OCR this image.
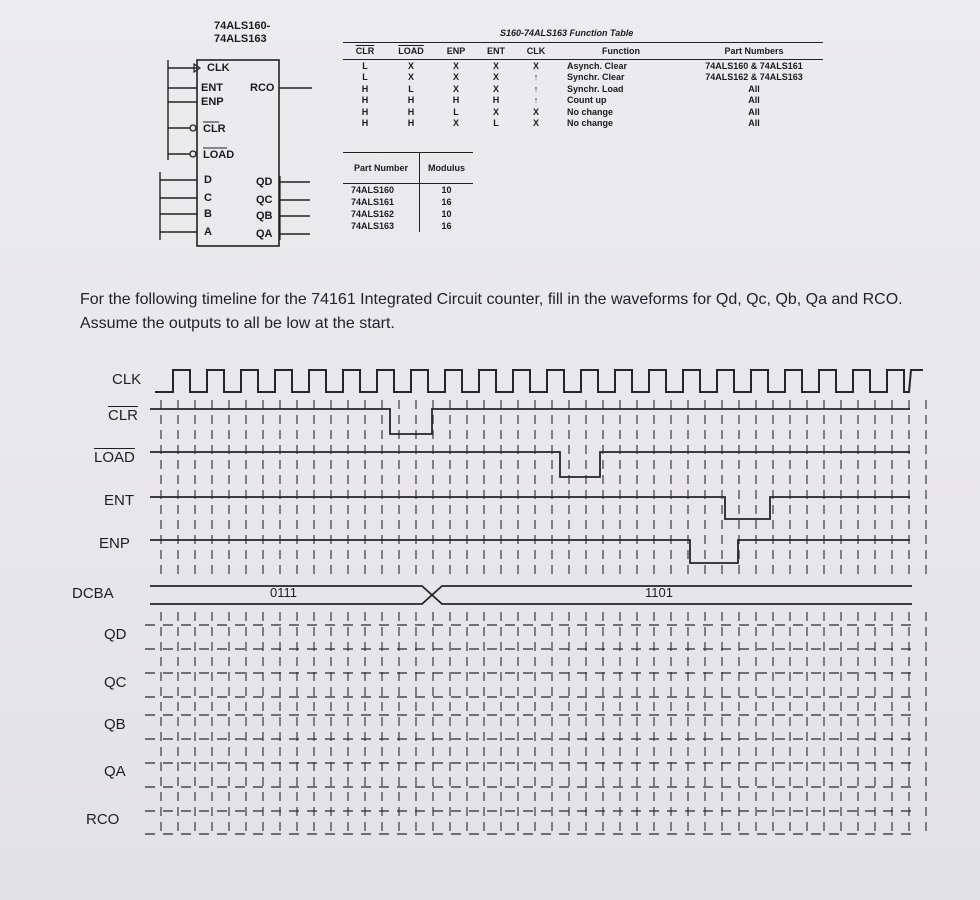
74ALS160-
74ALS163
CLK
ENT
ENP
CLR
LOAD
RCO
D
C
B
A
QD
QC
QB
QA
S160-74ALS163 Function Table
$\overline{CLR}$	LOAD	ENP	ENT	CLK	Function	Part Numbers
L	X	X	X	X	Asynch. Clear	74ALS160 & 74ALS161
L	X	X	X	↑	Synchr. Clear	74ALS162 & 74ALS163
H	L	X	X	↑	Synchr. Load	All
H	H	H	H	↑	Count up	All
H	H	L	X	X	No change	All
H	H	X	L	X	No change	All
Part Number	Modulus
74ALS160	10
74ALS161	16
74ALS162	10
74ALS163	16
For the following timeline for the 74161 Integrated Circuit counter, fill in the waveforms for Qd, Qc, Qb, Qa and RCO. Assume the outputs to all be low at the start.
CLK
$\overline{CLR}$
LOAD
ENT
ENP
DCBA
QD
QC
QB
QA
RCO
0111	1101
